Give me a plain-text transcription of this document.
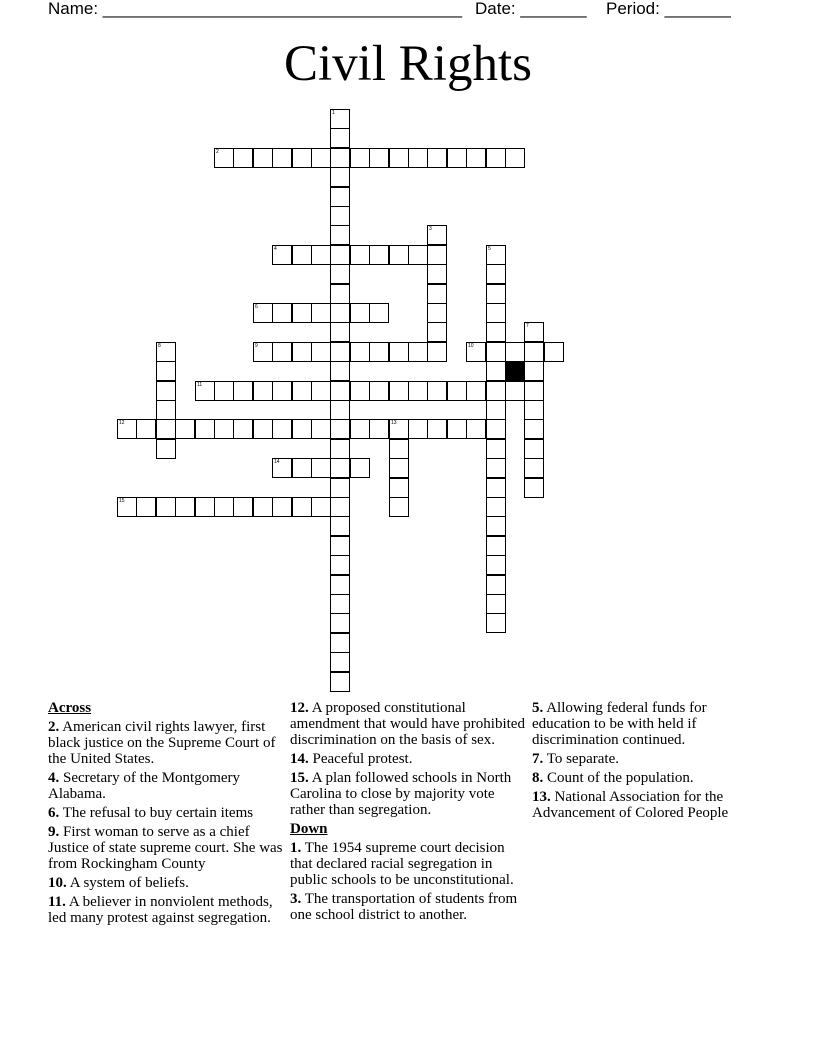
Name: ______________________________________ Date: _______ Period: _______
Civil Rights
2
4
6
9	10
11
12	13
14
15
1
3
5
7
8
Across
2. American civil rights lawyer, first black justice on the Supreme Court of the United States.
4. Secretary of the Montgomery Alabama.
6. The refusal to buy certain items
9. First woman to serve as a chief Justice of state supreme court. She was from Rockingham County
10. A system of beliefs.
11. A believer in nonviolent methods, led many protest against segregation.
12. A proposed constitutional amendment that would have prohibited discrimination on the basis of sex.
14. Peaceful protest.
15. A plan followed schools in North Carolina to close by majority vote rather than segregation.
Down
1. The 1954 supreme court decision that declared racial segregation in public schools to be unconstitutional.
3. The transportation of students from one school district to another.
5. Allowing federal funds for education to be with held if discrimination continued.
7. To separate.
8. Count of the population.
13. National Association for the Advancement of Colored People
